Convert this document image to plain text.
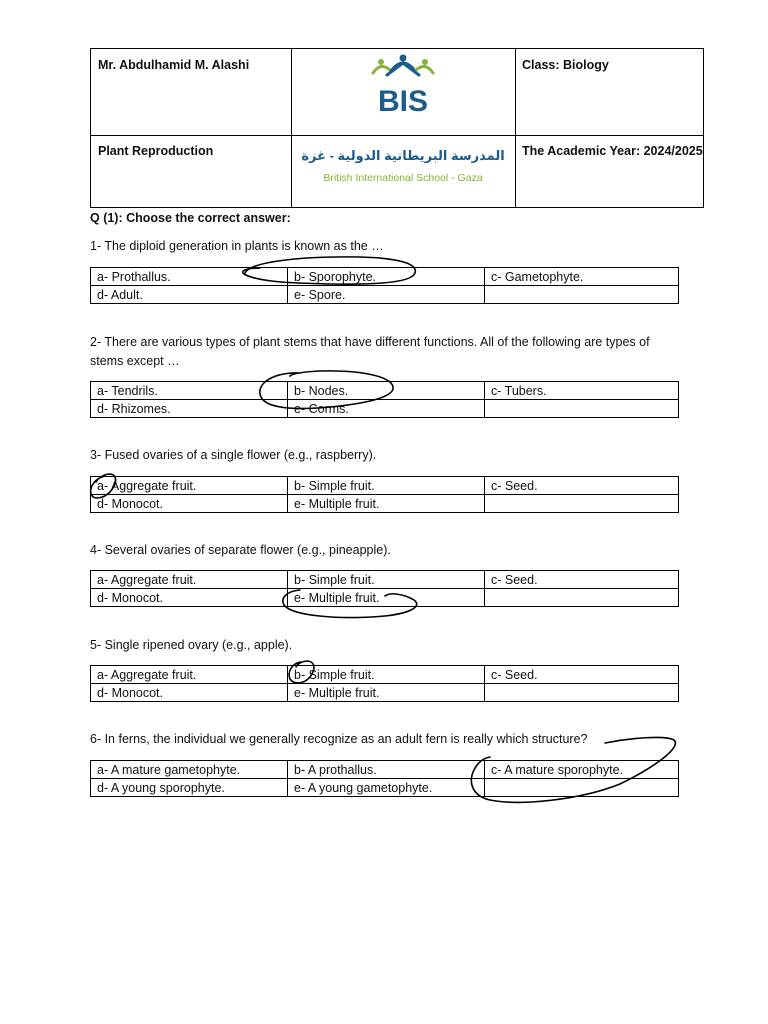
Mr. Abdulhamid M. Alashi	Class: Biology
Plant Reproduction	The Academic Year: 2024/2025
BIS
المدرسة البريطانية الدولية - غزة
British International School - Gaza
Q (1): Choose the correct answer:
1- The diploid generation in plants is known as the …
a- Prothallus.	b- Sporophyte.	c- Gametophyte.
d- Adult.	e- Spore.	
2- There are various types of plant stems that have different functions. All of the following are types of stems except …
a- Tendrils.	b- Nodes.	c- Tubers.
d- Rhizomes.	e- Corms.	
3- Fused ovaries of a single flower (e.g., raspberry).
a- Aggregate fruit.	b- Simple fruit.	c- Seed.
d- Monocot.	e- Multiple fruit.	
4- Several ovaries of separate flower (e.g., pineapple).
a- Aggregate fruit.	b- Simple fruit.	c- Seed.
d- Monocot.	e- Multiple fruit.	
5- Single ripened ovary (e.g., apple).
a- Aggregate fruit.	b- Simple fruit.	c- Seed.
d- Monocot.	e- Multiple fruit.	
6- In ferns, the individual we generally recognize as an adult fern is really which structure?
a- A mature gametophyte.	b- A prothallus.	c- A mature sporophyte.
d- A young sporophyte.	e- A young gametophyte.	
